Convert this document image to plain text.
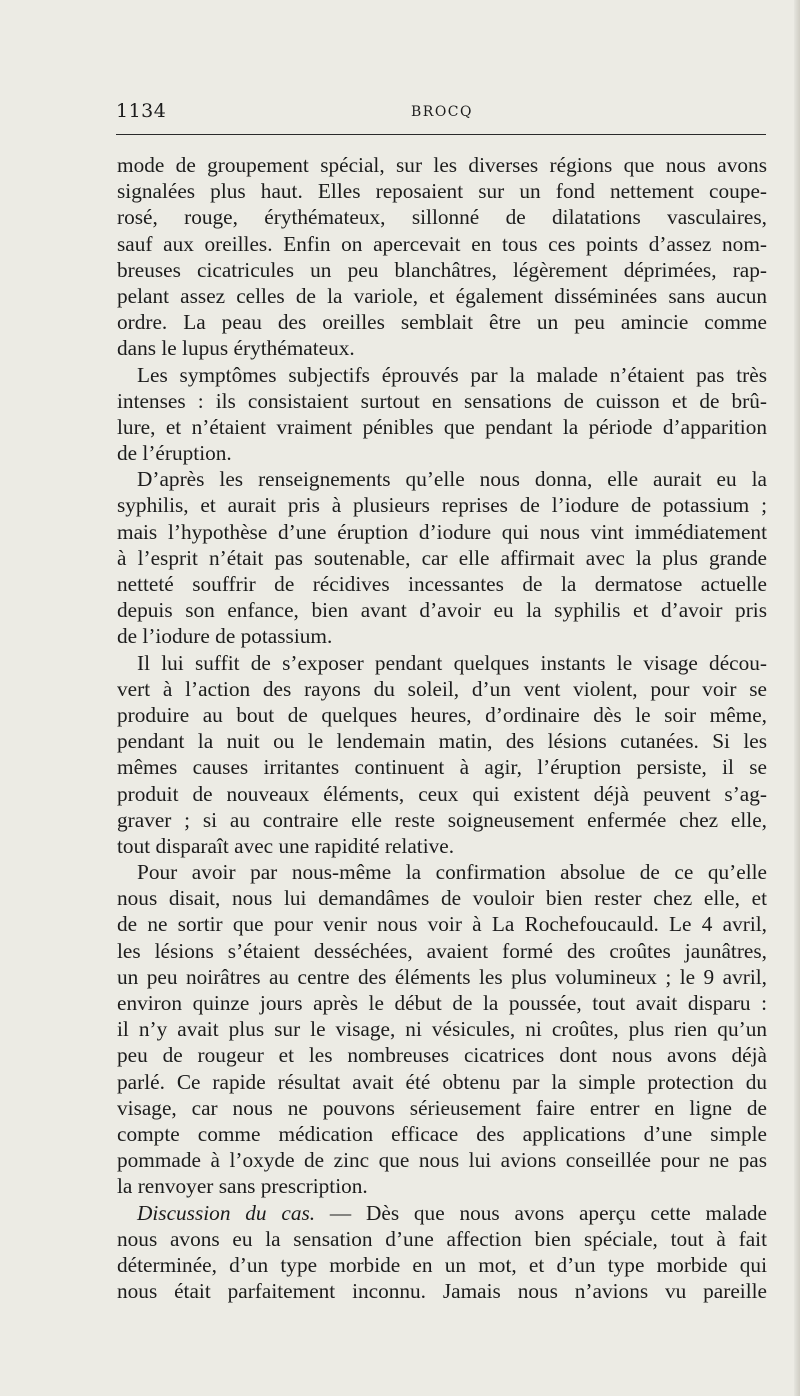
1134	BROCQ
mode de groupement spécial, sur les diverses régions que nous avons
signalées plus haut. Elles reposaient sur un fond nettement coupe-
rosé, rouge, érythémateux, sillonné de dilatations vasculaires,
sauf aux oreilles. Enfin on apercevait en tous ces points d’assez nom-
breuses cicatricules un peu blanchâtres, légèrement déprimées, rap-
pelant assez celles de la variole, et également disséminées sans aucun
ordre. La peau des oreilles semblait être un peu amincie comme
dans le lupus érythémateux.
Les symptômes subjectifs éprouvés par la malade n’étaient pas très
intenses : ils consistaient surtout en sensations de cuisson et de brû-
lure, et n’étaient vraiment pénibles que pendant la période d’apparition
de l’éruption.
D’après les renseignements qu’elle nous donna, elle aurait eu la
syphilis, et aurait pris à plusieurs reprises de l’iodure de potassium ;
mais l’hypothèse d’une éruption d’iodure qui nous vint immédiatement
à l’esprit n’était pas soutenable, car elle affirmait avec la plus grande
netteté souffrir de récidives incessantes de la dermatose actuelle
depuis son enfance, bien avant d’avoir eu la syphilis et d’avoir pris
de l’iodure de potassium.
Il lui suffit de s’exposer pendant quelques instants le visage décou-
vert à l’action des rayons du soleil, d’un vent violent, pour voir se
produire au bout de quelques heures, d’ordinaire dès le soir même,
pendant la nuit ou le lendemain matin, des lésions cutanées. Si les
mêmes causes irritantes continuent à agir, l’éruption persiste, il se
produit de nouveaux éléments, ceux qui existent déjà peuvent s’ag-
graver ; si au contraire elle reste soigneusement enfermée chez elle,
tout disparaît avec une rapidité relative.
Pour avoir par nous-même la confirmation absolue de ce qu’elle
nous disait, nous lui demandâmes de vouloir bien rester chez elle, et
de ne sortir que pour venir nous voir à La Rochefoucauld. Le 4 avril,
les lésions s’étaient desséchées, avaient formé des croûtes jaunâtres,
un peu noirâtres au centre des éléments les plus volumineux ; le 9 avril,
environ quinze jours après le début de la poussée, tout avait disparu :
il n’y avait plus sur le visage, ni vésicules, ni croûtes, plus rien qu’un
peu de rougeur et les nombreuses cicatrices dont nous avons déjà
parlé. Ce rapide résultat avait été obtenu par la simple protection du
visage, car nous ne pouvons sérieusement faire entrer en ligne de
compte comme médication efficace des applications d’une simple
pommade à l’oxyde de zinc que nous lui avions conseillée pour ne pas
la renvoyer sans prescription.
Discussion du cas. — Dès que nous avons aperçu cette malade
nous avons eu la sensation d’une affection bien spéciale, tout à fait
déterminée, d’un type morbide en un mot, et d’un type morbide qui
nous était parfaitement inconnu. Jamais nous n’avions vu pareille
